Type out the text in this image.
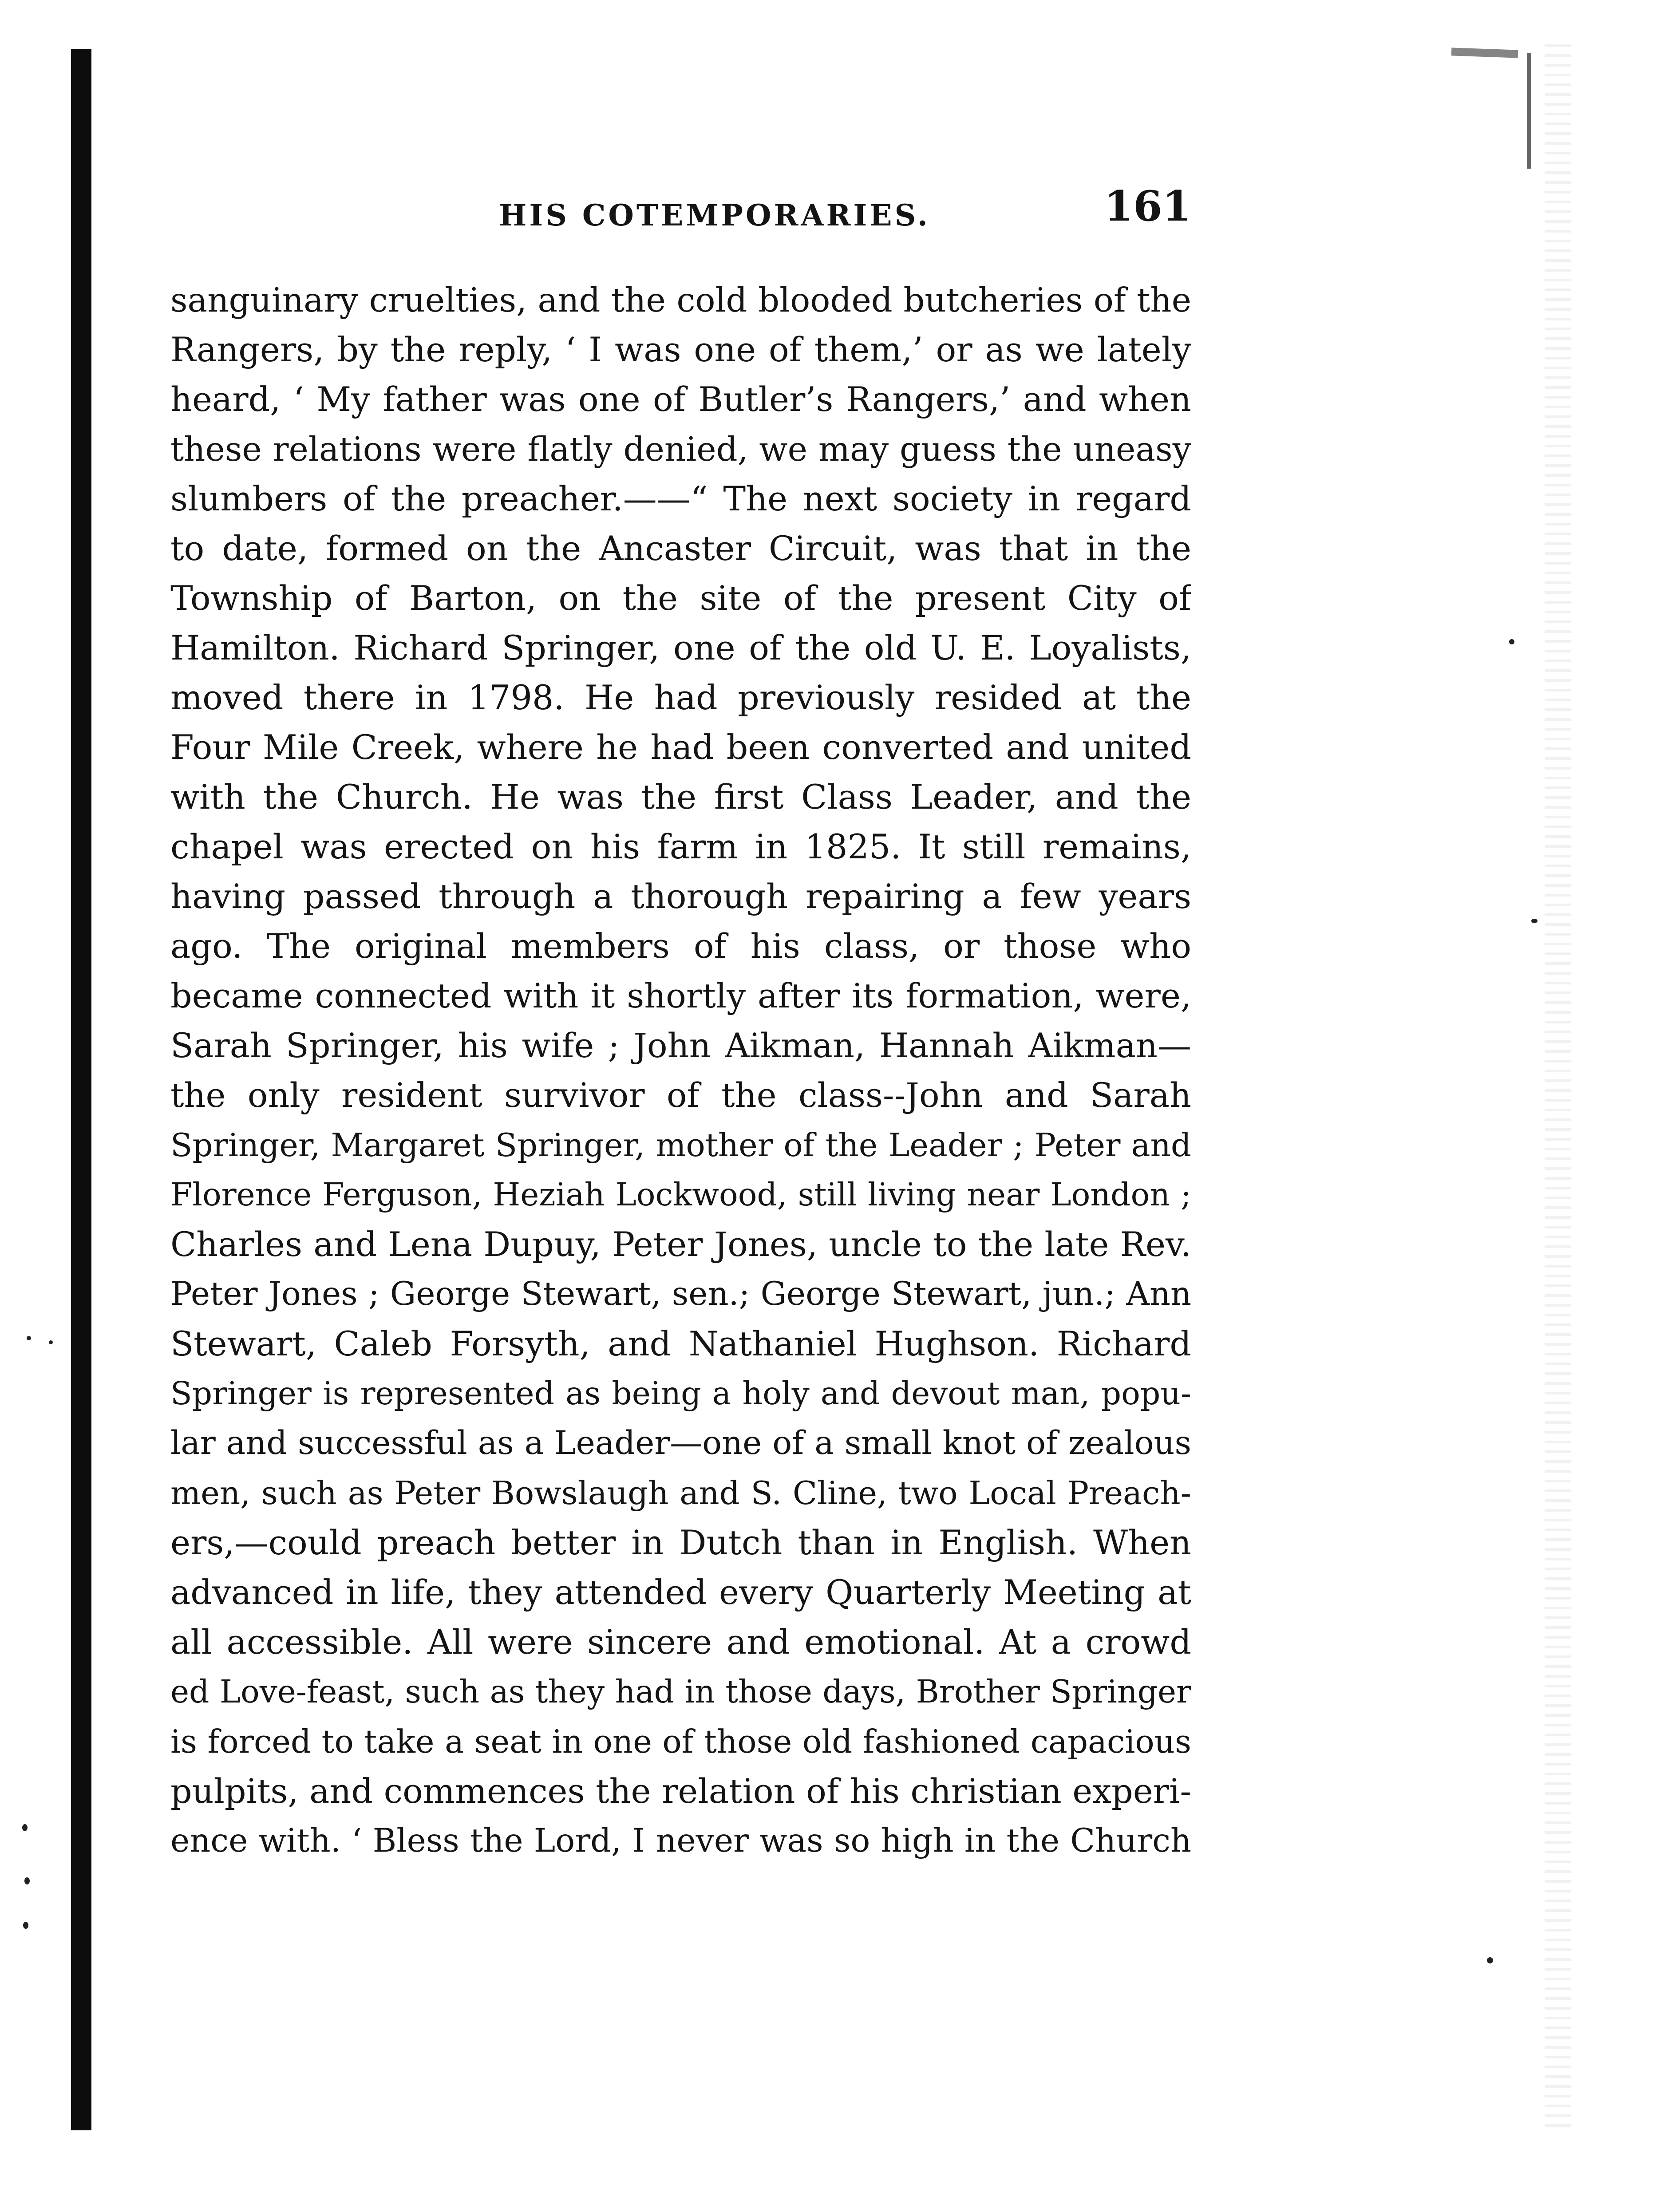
HIS COTEMPORARIES.	161
sanguinary cruelties, and the cold blooded butcheries of the
Rangers, by the reply, ‘ I was one of them,’ or as we lately
heard, ‘ My father was one of Butler’s Rangers,’ and when
these relations were flatly denied, we may guess the uneasy
slumbers of the preacher.——“ The next society in regard
to date, formed on the Ancaster Circuit, was that in the
Township of Barton, on the site of the present City of
Hamilton. Richard Springer, one of the old U. E. Loyalists,
moved there in 1798. He had previously resided at the
Four Mile Creek, where he had been converted and united
with the Church. He was the first Class Leader, and the
chapel was erected on his farm in 1825. It still remains,
having passed through a thorough repairing a few years
ago. The original members of his class, or those who
became connected with it shortly after its formation, were,
Sarah Springer, his wife ; John Aikman, Hannah Aikman—
the only resident survivor of the class--John and Sarah
Springer, Margaret Springer, mother of the Leader ; Peter and
Florence Ferguson, Heziah Lockwood, still living near London ;
Charles and Lena Dupuy, Peter Jones, uncle to the late Rev.
Peter Jones ; George Stewart, sen.; George Stewart, jun.; Ann
Stewart, Caleb Forsyth, and Nathaniel Hughson. Richard
Springer is represented as being a holy and devout man, popu-
lar and successful as a Leader—one of a small knot of zealous
men, such as Peter Bowslaugh and S. Cline, two Local Preach-
ers,—could preach better in Dutch than in English. When
advanced in life, they attended every Quarterly Meeting at
all accessible. All were sincere and emotional. At a crowd
ed Love-feast, such as they had in those days, Brother Springer
is forced to take a seat in one of those old fashioned capacious
pulpits, and commences the relation of his christian experi-
ence with. ‘ Bless the Lord, I never was so high in the Church
